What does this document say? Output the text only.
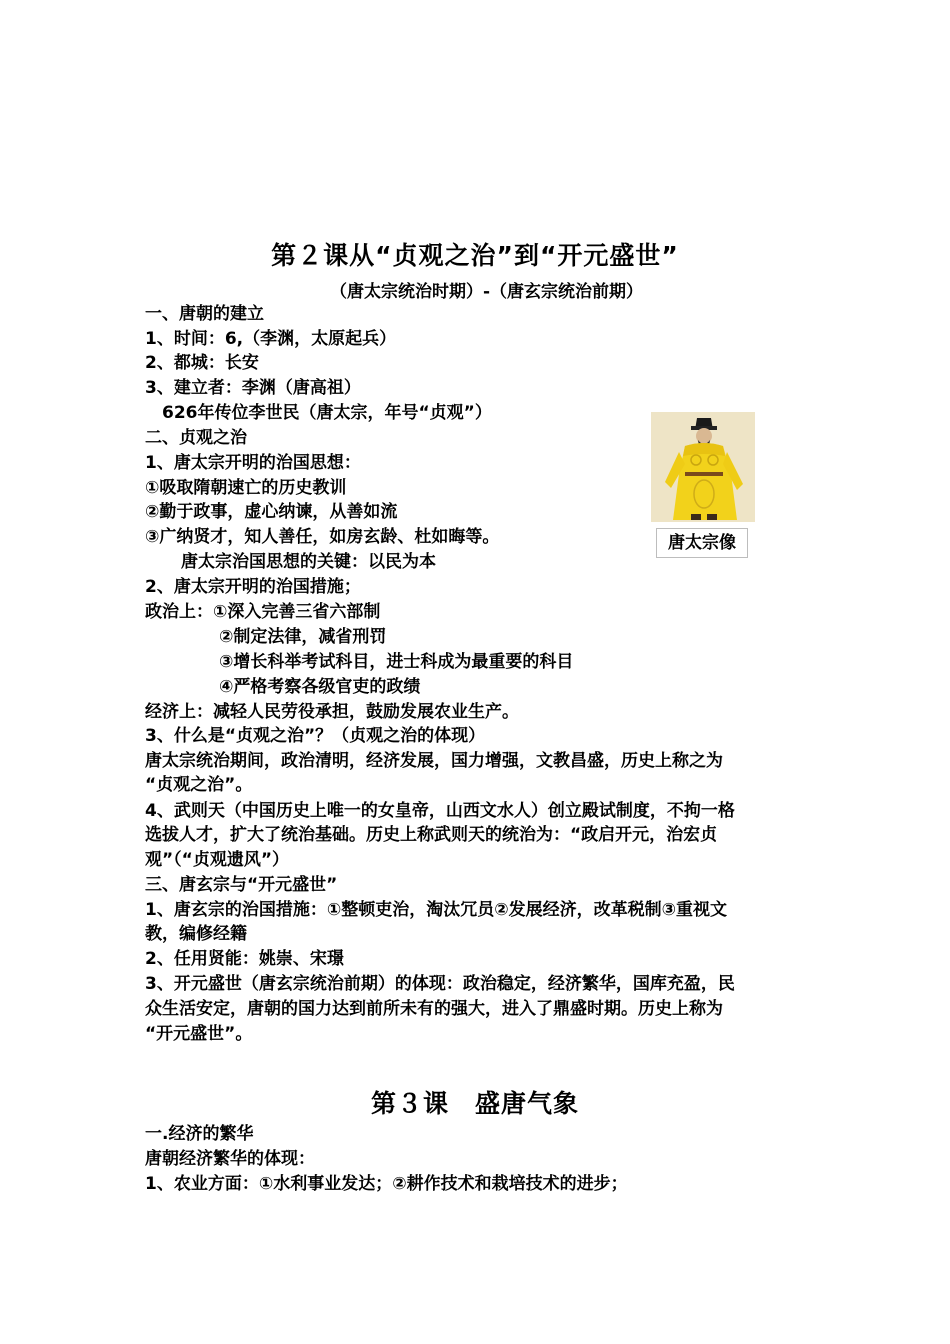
第２课从“贞观之治”到“开元盛世”
（唐太宗统治时期）-（唐玄宗统治前期）
一、唐朝的建立
1、时间：6,（李渊，太原起兵）
2、都城：长安
3、建立者：李渊（唐高祖）
626年传位李世民（唐太宗，年号“贞观”）
二、贞观之治
1、唐太宗开明的治国思想：
①吸取隋朝速亡的历史教训
②勤于政事，虚心纳谏，从善如流
③广纳贤才，知人善任，如房玄龄、杜如晦等。
唐太宗治国思想的关键：以民为本
2、唐太宗开明的治国措施；
政治上：①深入完善三省六部制
②制定法律，减省刑罚
③增长科举考试科目，进士科成为最重要的科目
④严格考察各级官吏的政绩
经济上：减轻人民劳役承担，鼓励发展农业生产。
3、什么是“贞观之治”？（贞观之治的体现）
唐太宗统治期间，政治清明，经济发展，国力增强，文教昌盛，历史上称之为
“贞观之治”。
4、武则天（中国历史上唯一的女皇帝，山西文水人）创立殿试制度，不拘一格
选拔人才，扩大了统治基础。历史上称武则天的统治为：“政启开元，治宏贞
观”（“贞观遗风”）
三、唐玄宗与“开元盛世”
1、唐玄宗的治国措施：①整顿吏治，淘汰冗员②发展经济，改革税制③重视文
教，编修经籍
2、任用贤能：姚崇、宋璟
3、开元盛世（唐玄宗统治前期）的体现：政治稳定，经济繁华，国库充盈，民
众生活安定，唐朝的国力达到前所未有的强大，进入了鼎盛时期。历史上称为
“开元盛世”。
唐太宗像
第３课　盛唐气象
一.经济的繁华
唐朝经济繁华的体现：
1、农业方面：①水利事业发达；②耕作技术和栽培技术的进步；
